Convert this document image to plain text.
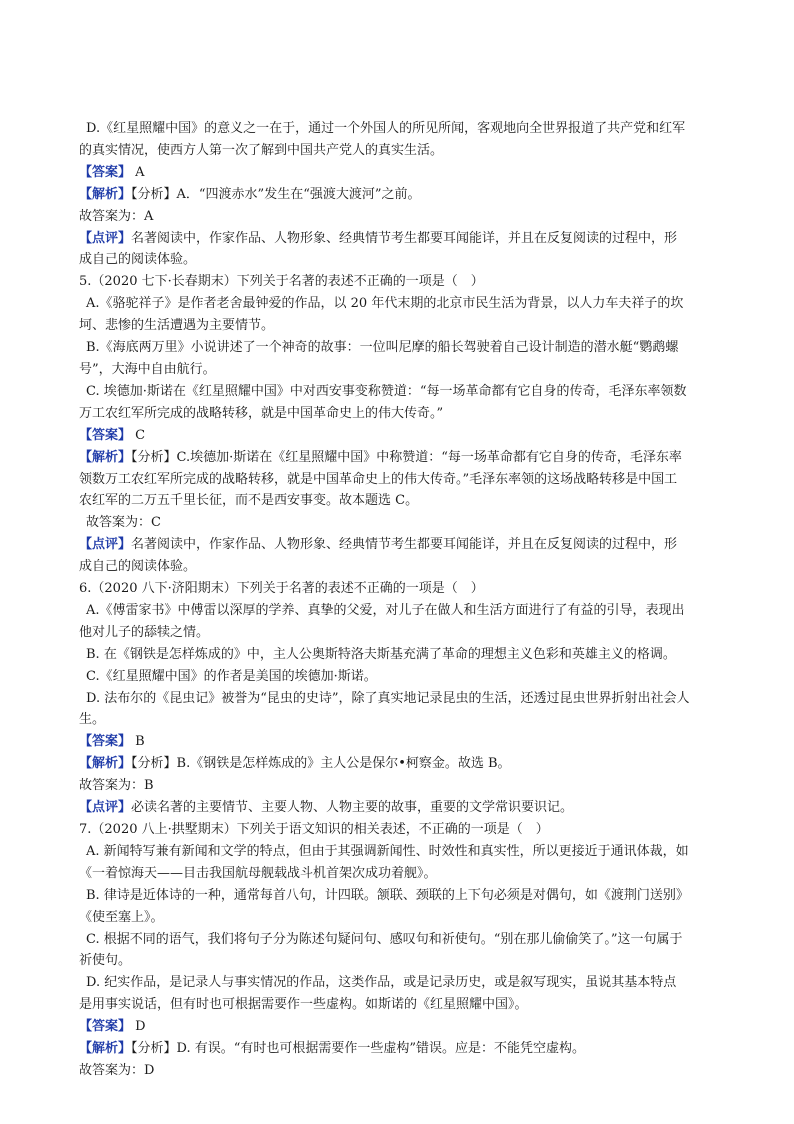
D.《红星照耀中国》的意义之一在于，通过一个外国人的所见所闻，客观地向全世界报道了共产党和红军
的真实情况，使西方人第一次了解到中国共产党人的真实生活。
【答案】 A
【解析】【分析】A．“四渡赤水”发生在“强渡大渡河”之前。
故答案为：A
【点评】名著阅读中，作家作品、人物形象、经典情节考生都要耳闻能详，并且在反复阅读的过程中，形
成自己的阅读体验。
5.（2020 七下·长春期末）下列关于名著的表述不正确的一项是（　）
A.《骆驼祥子》是作者老舍最钟爱的作品，以 20 年代末期的北京市民生活为背景，以人力车夫祥子的坎
坷、悲惨的生活遭遇为主要情节。
B.《海底两万里》小说讲述了一个神奇的故事：一位叫尼摩的船长驾驶着自己设计制造的潜水艇“鹦鹉螺
号”，大海中自由航行。
C. 埃德加·斯诺在《红星照耀中国》中对西安事变称赞道：“每一场革命都有它自身的传奇，毛泽东率领数
万工农红军所完成的战略转移，就是中国革命史上的伟大传奇。”
【答案】 C
【解析】【分析】C.埃德加·斯诺在《红星照耀中国》中称赞道：“每一场革命都有它自身的传奇，毛泽东率
领数万工农红军所完成的战略转移，就是中国革命史上的伟大传奇。”毛泽东率领的这场战略转移是中国工
农红军的二万五千里长征，而不是西安事变。故本题选 C。
故答案为：C
【点评】名著阅读中，作家作品、人物形象、经典情节考生都要耳闻能详，并且在反复阅读的过程中，形
成自己的阅读体验。
6.（2020 八下·济阳期末）下列关于名著的表述不正确的一项是（　）
A.《傅雷家书》中傅雷以深厚的学养、真挚的父爱，对儿子在做人和生活方面进行了有益的引导，表现出
他对儿子的舔犊之情。
B. 在《钢铁是怎样炼成的》中，主人公奥斯特洛夫斯基充满了革命的理想主义色彩和英雄主义的格调。
C.《红星照耀中国》的作者是美国的埃德加·斯诺。
D. 法布尔的《昆虫记》被誉为“昆虫的史诗”，除了真实地记录昆虫的生活，还透过昆虫世界折射出社会人
生。
【答案】 B
【解析】【分析】B.《钢铁是怎样炼成的》主人公是保尔•柯察金。故选 B。
故答案为：B
【点评】必读名著的主要情节、主要人物、人物主要的故事，重要的文学常识要识记。
7.（2020 八上·拱墅期末）下列关于语文知识的相关表述，不正确的一项是（　）
A. 新闻特写兼有新闻和文学的特点，但由于其强调新闻性、时效性和真实性，所以更接近于通讯体裁，如
《一着惊海天——目击我国航母舰载战斗机首架次成功着舰》。
B. 律诗是近体诗的一种，通常每首八句，计四联。颔联、颈联的上下句必须是对偶句，如《渡荆门送别》
《使至塞上》。
C. 根据不同的语气，我们将句子分为陈述句疑问句、感叹句和祈使句。“别在那儿偷偷笑了。”这一句属于
祈使句。
D. 纪实作品，是记录人与事实情况的作品，这类作品，或是记录历史，或是叙写现实，虽说其基本特点
是用事实说话，但有时也可根据需要作一些虚构。如斯诺的《红星照耀中国》。
【答案】 D
【解析】【分析】D. 有误。“有时也可根据需要作一些虚构”错误。应是：不能凭空虚构。
故答案为：D
